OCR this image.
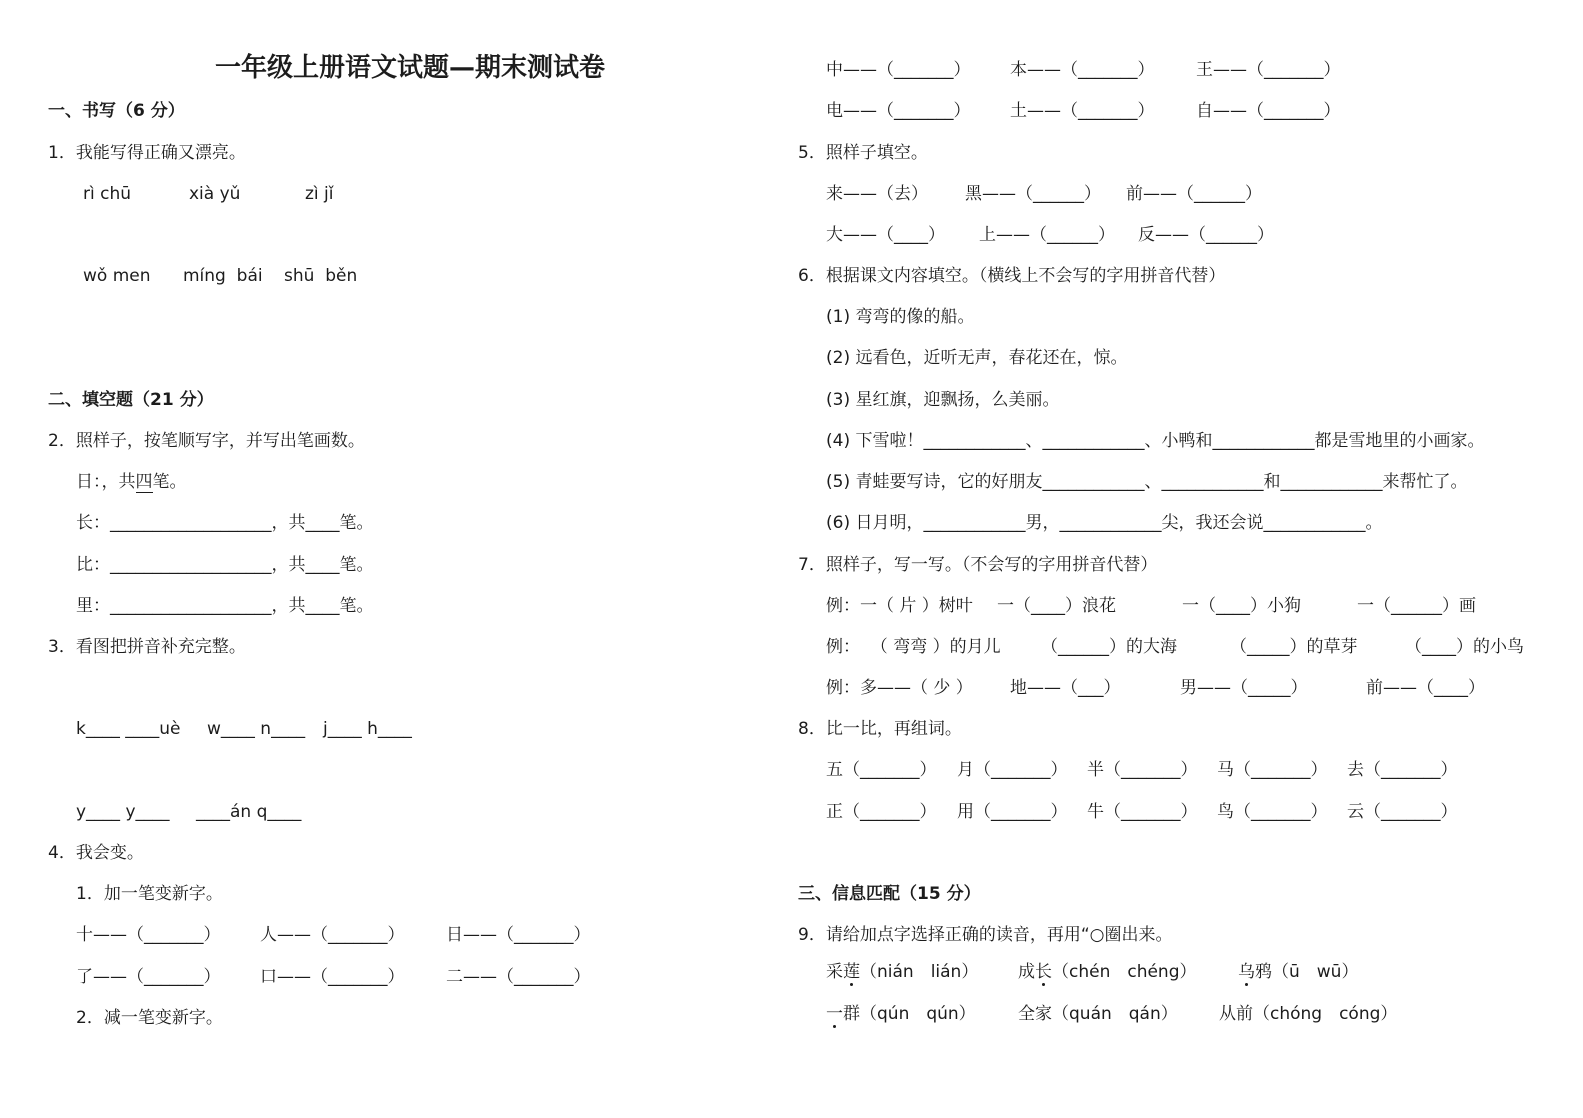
一年级上册语文试题—期末测试卷
一、书写（6 分）
1．我能写得正确又漂亮。
rì chū	xià yǔ	zì jǐ
wǒ men míng  bái shū  běn
二、填空题（21 分）
2．照样子，按笔顺写字，并写出笔画数。
日：，共 四 笔。
长：___________________，共____笔。
比：___________________，共____笔。
里：___________________，共____笔。
3．看图把拼音补充完整。
k____ ____uè w____ n____ j____ h____
y____ y____ ____án q____
4．我会变。
1．加一笔变新字。
十——（_______） 人——（_______） 日——（_______）
了——（_______） 口——（_______） 二——（_______）
2．减一笔变新字。
中——（_______） 本——（_______） 王——（_______）
电——（_______） 土——（_______） 自——（_______）
5．照样子填空。
来——（去） 黑——（______） 前——（______）
大——（____） 上——（______） 反——（______）
6．根据课文内容填空。（横线上不会写的字用拼音代替）
(1) 弯弯的像的船。
(2) 远看色，近听无声，春花还在，惊。
(3) 星红旗，迎飘扬，么美丽。
(4) 下雪啦！____________、____________、小鸭和____________都是雪地里的小画家。
(5) 青蛙要写诗，它的好朋友____________、____________和____________来帮忙了。
(6) 日月明，____________男，____________尖，我还会说____________。
7．照样子，写一写。（不会写的字用拼音代替）
例：一（ 片 ）树叶 一（____）浪花	一（____）小狗	一（______）画
例：  （ 弯弯 ）的月儿 （______）的大海	（_____）的草芽	（____）的小鸟
例：多——（ 少 ） 地——（___）	男——（_____）	前——（____）
8．比一比，再组词。
五（_______） 月（_______） 半（_______） 马（_______） 去（_______）
正（_______） 用（_______） 牛（_______） 鸟（_______） 云（_______）
三、信息匹配（15 分）
9．请给加点字选择正确的读音，再用“○圈出来。
采 莲 （nián　lián） 成 长 （chén　chéng） 乌 鸦 （ū　wū）
一 群 （qún　qún） 全家 （quán　qán） 从前 （chóng　cóng）
